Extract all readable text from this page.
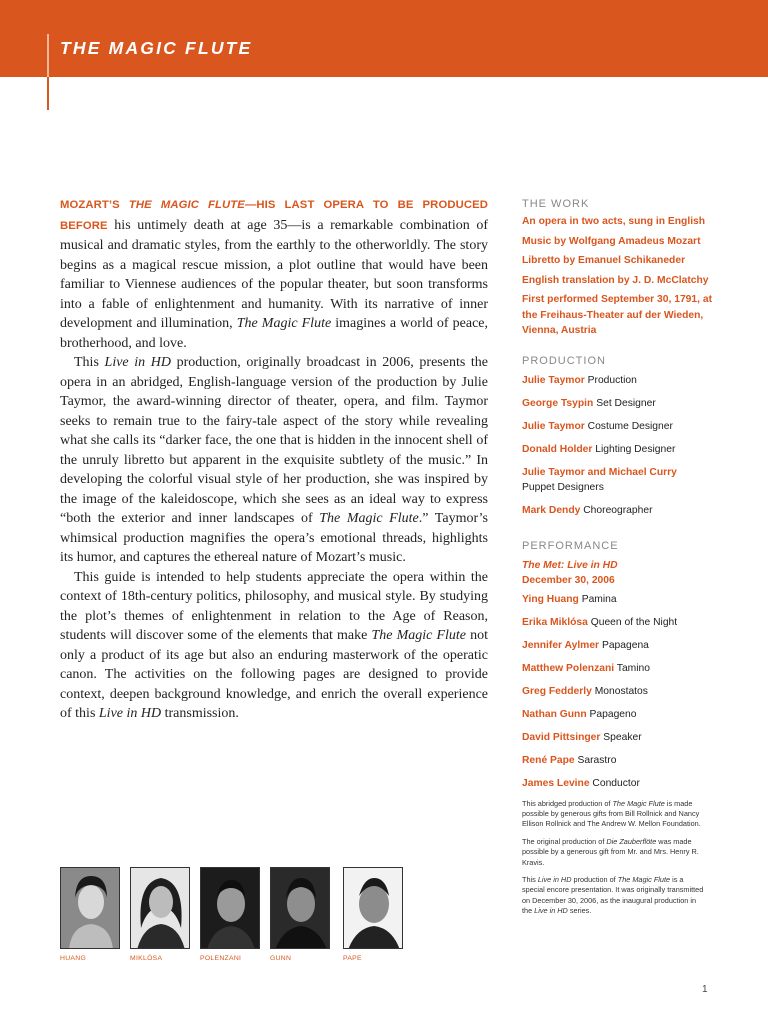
THE MAGIC FLUTE

MOZART’S THE MAGIC FLUTE—HIS LAST OPERA TO BE PRODUCED BEFORE his untimely death at age 35—is a remarkable combination of musical and dramatic styles, from the earthly to the otherworldly. The story begins as a magical rescue mission, a plot outline that would have been familiar to Viennese audiences of the popular theater, but soon transforms into a fable of enlightenment and humanity. With its narrative of inner development and illumination, The Magic Flute imagines a world of peace, brotherhood, and love.

This Live in HD production, originally broadcast in 2006, presents the opera in an abridged, English-language version of the production by Julie Taymor, the award-winning director of theater, opera, and film. Taymor seeks to remain true to the fairy-tale aspect of the story while revealing what she calls its “darker face, the one that is hidden in the innocent shell of the unruly libretto but apparent in the exquisite subtlety of the music.” In developing the colorful visual style of her production, she was inspired by the image of the kaleidoscope, which she sees as an ideal way to express “both the exterior and inner landscapes of The Magic Flute.” Taymor’s whimsical production magnifies the opera’s emotional threads, highlights its humor, and captures the ethereal nature of Mozart’s music.

This guide is intended to help students appreciate the opera within the context of 18th-century politics, philosophy, and musical style. By studying the plot’s themes of enlightenment in relation to the Age of Reason, students will discover some of the elements that make The Magic Flute not only a product of its age but also an enduring masterwork of the operatic canon. The activities on the following pages are designed to provide context, deepen background knowledge, and enrich the overall experience of this Live in HD transmission.

THE WORK
An opera in two acts, sung in English
Music by Wolfgang Amadeus Mozart
Libretto by Emanuel Schikaneder
English translation by J. D. McClatchy
First performed September 30, 1791, at the Freihaus-Theater auf der Wieden, Vienna, Austria
PRODUCTION
Julie Taymor Production
George Tsypin Set Designer
Julie Taymor Costume Designer
Donald Holder Lighting Designer
Julie Taymor and Michael Curry
Puppet Designers
Mark Dendy Choreographer
PERFORMANCE
The Met: Live in HD
December 30, 2006
Ying Huang Pamina
Erika Miklósa Queen of the Night
Jennifer Aylmer Papagena
Matthew Polenzani Tamino
Greg Fedderly Monostatos
Nathan Gunn Papageno
David Pittsinger Speaker
René Pape Sarastro
James Levine Conductor

This abridged production of The Magic Flute is made possible by generous gifts from Bill Rollnick and Nancy Ellison Rollnick and The Andrew W. Mellon Foundation.

The original production of Die Zauberflöte was made possible by a generous gift from Mr. and Mrs. Henry R. Kravis.

This Live in HD production of The Magic Flute is a special encore presentation. It was originally transmitted on December 30, 2006, as the inaugural production in the Live in HD series.

HUANG	MIKLÓSA	POLENZANI	GUNN	PAPE
1
